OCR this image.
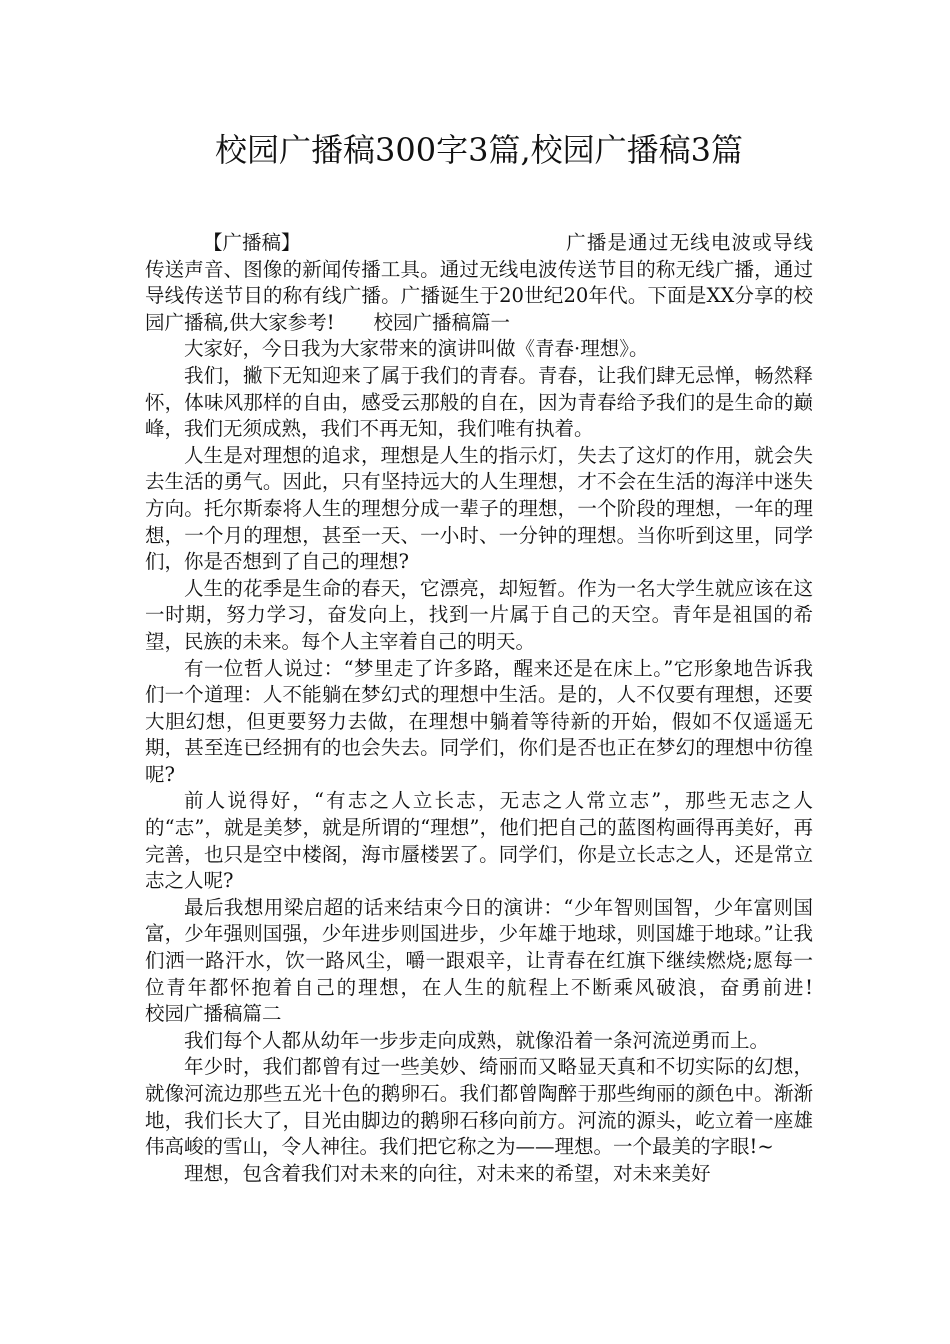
校园广播稿300字3篇,校园广播稿3篇

【广播稿】	广播是通过无线电波或导线传送声音、图像的新闻传播工具。通过无线电波传送节目的称无线广播，通过导线传送节目的称有线广播。广播诞生于20世纪20年代。下面是XX分享的校园广播稿,供大家参考!　　校园广播稿篇一

大家好，今日我为大家带来的演讲叫做《青春·理想》。

我们，撇下无知迎来了属于我们的青春。青春，让我们肆无忌惮，畅然释怀，体味风那样的自由，感受云那般的自在，因为青春给予我们的是生命的巅峰，我们无须成熟，我们不再无知，我们唯有执着。

人生是对理想的追求，理想是人生的指示灯，失去了这灯的作用，就会失去生活的勇气。因此，只有坚持远大的人生理想，才不会在生活的海洋中迷失方向。托尔斯泰将人生的理想分成一辈子的理想，一个阶段的理想，一年的理想，一个月的理想，甚至一天、一小时、一分钟的理想。当你听到这里，同学们，你是否想到了自己的理想?

人生的花季是生命的春天，它漂亮，却短暂。作为一名大学生就应该在这一时期，努力学习，奋发向上，找到一片属于自己的天空。青年是祖国的希望，民族的未来。每个人主宰着自己的明天。

有一位哲人说过：“梦里走了许多路，醒来还是在床上。”它形象地告诉我们一个道理：人不能躺在梦幻式的理想中生活。是的，人不仅要有理想，还要大胆幻想，但更要努力去做，在理想中躺着等待新的开始，假如不仅遥遥无期，甚至连已经拥有的也会失去。同学们，你们是否也正在梦幻的理想中彷徨呢?

前人说得好，“有志之人立长志，无志之人常立志”，那些无志之人的“志”，就是美梦，就是所谓的“理想”，他们把自己的蓝图构画得再美好，再完善，也只是空中楼阁，海市蜃楼罢了。同学们，你是立长志之人，还是常立志之人呢?

最后我想用梁启超的话来结束今日的演讲：“少年智则国智，少年富则国富，少年强则国强，少年进步则国进步，少年雄于地球，则国雄于地球。”让我们洒一路汗水，饮一路风尘，嚼一跟艰辛，让青春在红旗下继续燃烧;愿每一位青年都怀抱着自己的理想，在人生的航程上不断乘风破浪，奋勇前进!　　校园广播稿篇二

我们每个人都从幼年一步步走向成熟，就像沿着一条河流逆勇而上。

年少时，我们都曾有过一些美妙、绮丽而又略显天真和不切实际的幻想，就像河流边那些五光十色的鹅卵石。我们都曾陶醉于那些绚丽的颜色中。渐渐地，我们长大了，目光由脚边的鹅卵石移向前方。河流的源头，屹立着一座雄伟高峻的雪山，令人神往。我们把它称之为——理想。一个最美的字眼!~

理想，包含着我们对未来的向往，对未来的希望，对未来美好
